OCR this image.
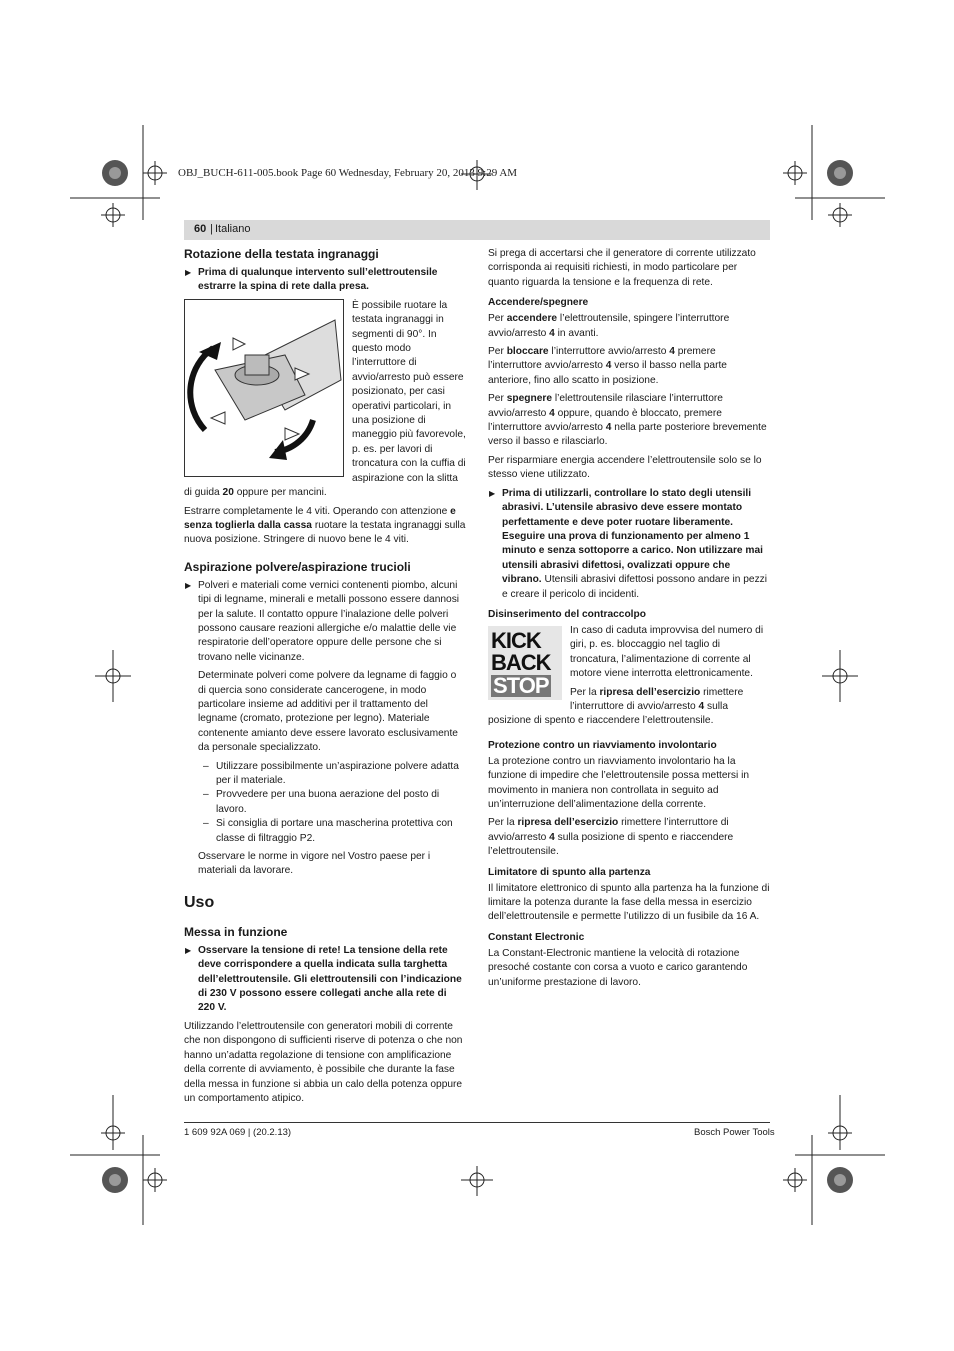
OBJ_BUCH-611-005.book Page 60 Wednesday, February 20, 2013 9:29 AM
60 | Italiano
Rotazione della testata ingranaggi
▶ Prima di qualunque intervento sull’elettroutensile estrarre la spina di rete dalla presa.

È possibile ruotare la testata ingranaggi in segmenti di 90°. In questo modo l’interruttore di avvio/arresto può essere posizionato, per casi operativi particolari, in una posizione di maneggio più favorevole, p. es. per lavori di troncatura con la cuffia di aspirazione con la slitta di guida 20 oppure per mancini.

Estrarre completamente le 4 viti. Operando con attenzione e senza toglierla dalla cassa ruotare la testata ingranaggi sulla nuova posizione. Stringere di nuovo bene le 4 viti.

Aspirazione polvere/aspirazione trucioli
▶ Polveri e materiali come vernici contenenti piombo, alcuni tipi di legname, minerali e metalli possono essere dannosi per la salute. Il contatto oppure l’inalazione delle polveri possono causare reazioni allergiche e/o malattie delle vie respiratorie dell’operatore oppure delle persone che si trovano nelle vicinanze.

Determinate polveri come polvere da legname di faggio o di quercia sono considerate cancerogene, in modo particolare insieme ad additivi per il trattamento del legname (cromato, protezione per legno). Materiale contenente amianto deve essere lavorato esclusivamente da personale specializzato.

– Utilizzare possibilmente un’aspirazione polvere adatta per il materiale.
– Provvedere per una buona aerazione del posto di lavoro.
– Si consiglia di portare una mascherina protettiva con classe di filtraggio P2.

Osservare le norme in vigore nel Vostro paese per i materiali da lavorare.

Uso
Messa in funzione
▶ Osservare la tensione di rete! La tensione della rete deve corrispondere a quella indicata sulla targhetta dell’elettroutensile. Gli elettroutensili con l’indicazione di 230 V possono essere collegati anche alla rete di 220 V.

Utilizzando l’elettroutensile con generatori mobili di corrente che non dispongono di sufficienti riserve di potenza o che non hanno un’adatta regolazione di tensione con amplificazione della corrente di avviamento, è possibile che durante la fase della messa in funzione si abbia un calo della potenza oppure un comportamento atipico.

Si prega di accertarsi che il generatore di corrente utilizzato corrisponda ai requisiti richiesti, in modo particolare per quanto riguarda la tensione e la frequenza di rete.

Accendere/spegnere

Per accendere l’elettroutensile, spingere l’interruttore avvio/arresto 4 in avanti.

Per bloccare l’interruttore avvio/arresto 4 premere l’interruttore avvio/arresto 4 verso il basso nella parte anteriore, fino allo scatto in posizione.

Per spegnere l’elettroutensile rilasciare l’interruttore avvio/arresto 4 oppure, quando è bloccato, premere l’interruttore avvio/arresto 4 nella parte posteriore brevemente verso il basso e rilasciarlo.

Per risparmiare energia accendere l’elettroutensile solo se lo stesso viene utilizzato.

▶ Prima di utilizzarli, controllare lo stato degli utensili abrasivi. L’utensile abrasivo deve essere montato perfettamente e deve poter ruotare liberamente. Eseguire una prova di funzionamento per almeno 1 minuto e senza sottoporre a carico. Non utilizzare mai utensili abrasivi difettosi, ovalizzati oppure che vibrano. Utensili abrasivi difettosi possono andare in pezzi e creare il pericolo di incidenti.
Disinserimento del contraccolpo
KICK
BACK
STOP

In caso di caduta improvvisa del numero di giri, p. es. bloccaggio nel taglio di troncatura, l’alimentazione di corrente al motore viene interrotta elettronicamente.

Per la ripresa dell’esercizio rimettere l’interruttore di avvio/arresto 4 sulla posizione di spento e riaccendere l’elettroutensile.

Protezione contro un riavviamento involontario

La protezione contro un riavviamento involontario ha la funzione di impedire che l’elettroutensile possa mettersi in movimento in maniera non controllata in seguito ad un’interruzione dell’alimentazione della corrente.

Per la ripresa dell’esercizio rimettere l’interruttore di avvio/arresto 4 sulla posizione di spento e riaccendere l’elettroutensile.

Limitatore di spunto alla partenza

Il limitatore elettronico di spunto alla partenza ha la funzione di limitare la potenza durante la fase della messa in esercizio dell’elettroutensile e permette l’utilizzo di un fusibile da 16 A.

Constant Electronic

La Constant-Electronic mantiene la velocità di rotazione presoché costante con corsa a vuoto e carico garantendo un’uniforme prestazione di lavoro.

1 609 92A 069 | (20.2.13)	Bosch Power Tools
